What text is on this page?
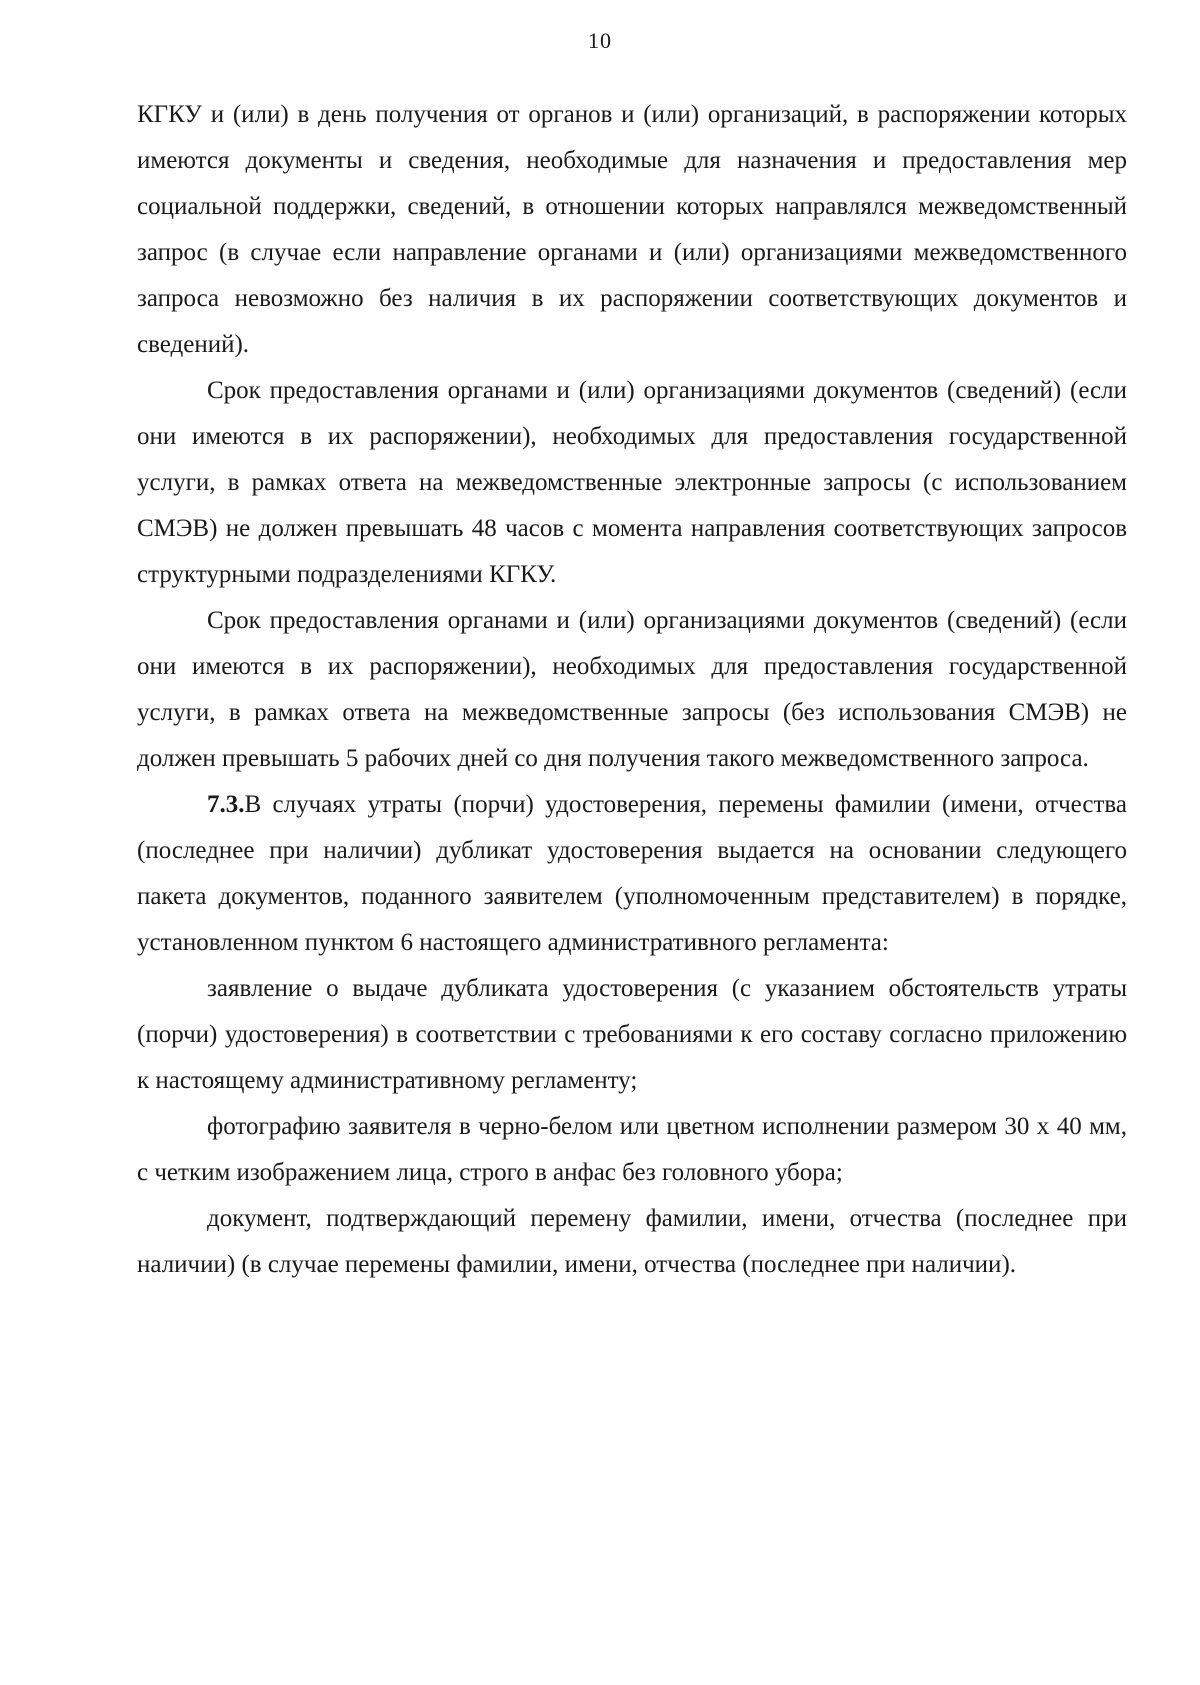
10

КГКУ и (или) в день получения от органов и (или) организаций, в распоряжении которых имеются документы и сведения, необходимые для назначения и предоставления мер социальной поддержки, сведений, в отношении которых направлялся межведомственный запрос (в случае если направление органами и (или) организациями межведомственного запроса невозможно без наличия в их распоряжении соответствующих документов и сведений).

Срок предоставления органами и (или) организациями документов (сведений) (если они имеются в их распоряжении), необходимых для предоставления государственной услуги, в рамках ответа на межведомственные электронные запросы (с использованием СМЭВ) не должен превышать 48 часов с момента направления соответствующих запросов структурными подразделениями КГКУ.

Срок предоставления органами и (или) организациями документов (сведений) (если они имеются в их распоряжении), необходимых для предоставления государственной услуги, в рамках ответа на межведомственные запросы (без использования СМЭВ) не должен превышать 5 рабочих дней со дня получения такого межведомственного запроса.

7.3.В случаях утраты (порчи) удостоверения, перемены фамилии (имени, отчества (последнее при наличии) дубликат удостоверения выдается на основании следующего пакета документов, поданного заявителем (уполномоченным представителем) в порядке, установленном пунктом 6 настоящего административного регламента:

заявление о выдаче дубликата удостоверения (с указанием обстоятельств утраты (порчи) удостоверения) в соответствии с требованиями к его составу согласно приложению к настоящему административному регламенту;

фотографию заявителя в черно-белом или цветном исполнении размером 30 x 40 мм, с четким изображением лица, строго в анфас без головного убора;

документ, подтверждающий перемену фамилии, имени, отчества (последнее при наличии) (в случае перемены фамилии, имени, отчества (последнее при наличии).
